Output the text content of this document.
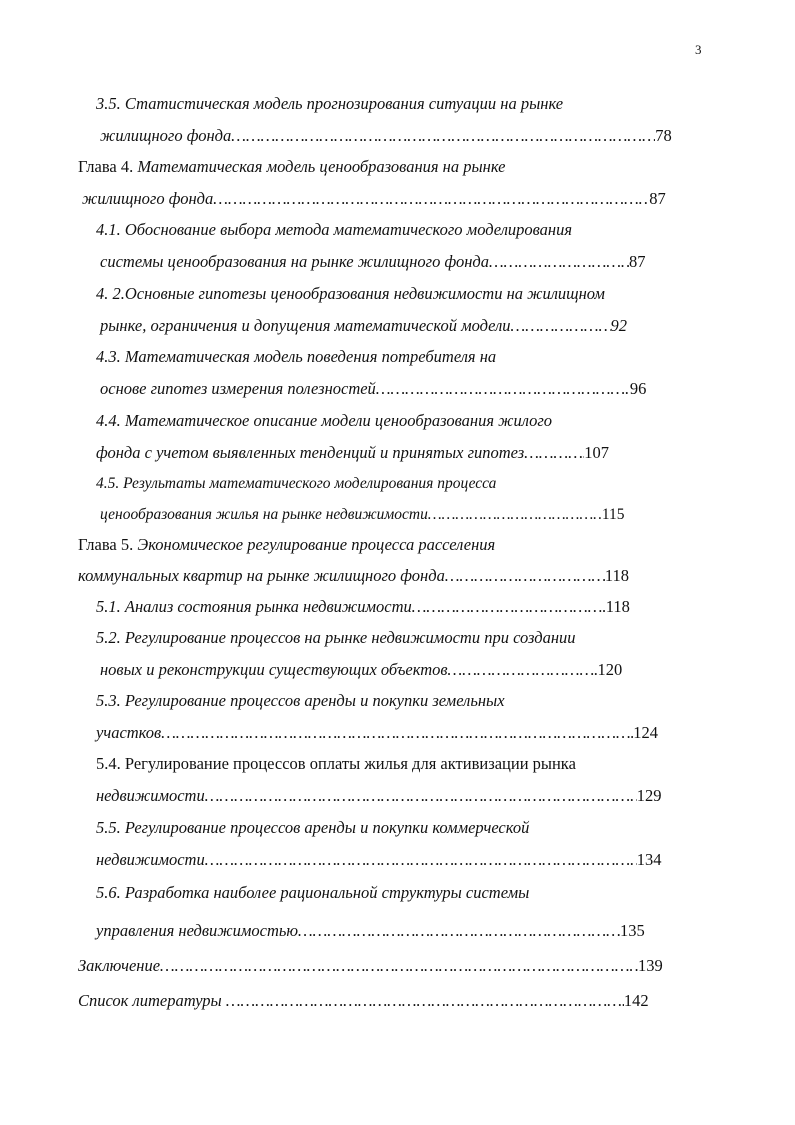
3
3.5. Статистическая модель прогнозирования ситуации на рынке
жилищного фонда …………………………………………………………………………………………………………………………………………………………………………	78
Глава 4. Математическая модель ценообразования на рынке
жилищного фонда …………………………………………………………………………………………………………………………………………………………………………	87
4.1. Обоснование выбора метода математического моделирования
системы ценообразования на рынке жилищного фонда …………………………………………………………………………………………………………………………………………………………………………	87
4. 2.Основные гипотезы ценообразования недвижимости на жилищном
рынке, ограничения и допущения математической модели …………………………………………………………………………………………………………………………………………………………………………	92
4.3. Математическая модель поведения потребителя на
основе гипотез измерения полезностей …………………………………………………………………………………………………………………………………………………………………………	96
4.4. Математическое описание модели ценообразования жилого
фонда с учетом выявленных тенденций и принятых гипотез …………………………………………………………………………………………………………………………………………………………………………	107
4.5. Результаты математического моделирования процесса
ценообразования жилья на рынке недвижимости …………………………………………………………………………………………………………………………………………………………………………	115
Глава 5. Экономическое регулирование процесса расселения
коммунальных квартир на рынке жилищного фонда …………………………………………………………………………………………………………………………………………………………………………	118
5.1. Анализ состояния рынка недвижимости …………………………………………………………………………………………………………………………………………………………………………	118
5.2. Регулирование процессов на рынке недвижимости при создании
новых и реконструкции существующих объектов …………………………………………………………………………………………………………………………………………………………………………	120
5.3. Регулирование процессов аренды и покупки земельных
участков …………………………………………………………………………………………………………………………………………………………………………	124
5.4. Регулирование процессов оплаты жилья для активизации рынка
недвижимости …………………………………………………………………………………………………………………………………………………………………………	129
5.5. Регулирование процессов аренды и покупки коммерческой
недвижимости …………………………………………………………………………………………………………………………………………………………………………	134
5.6. Разработка наиболее рациональной структуры системы
управления недвижимостью …………………………………………………………………………………………………………………………………………………………………………	135
Заключение …………………………………………………………………………………………………………………………………………………………………………	139
Список литературы …………………………………………………………………………………………………………………………………………………………………………	142
